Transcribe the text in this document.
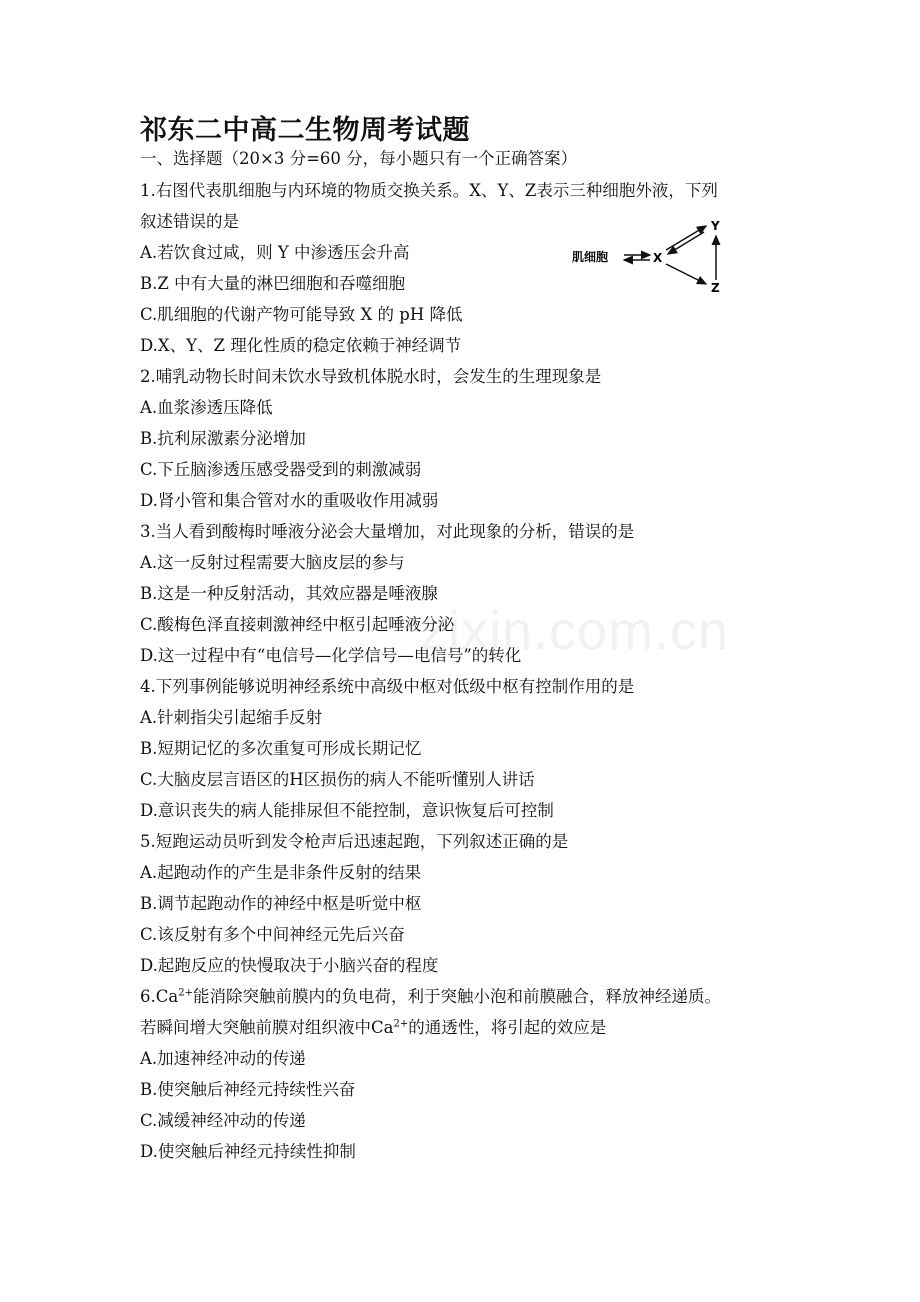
zixin.com.cn
祁东二中高二生物周考试题
一、选择题（20×3 分=60 分，每小题只有一个正确答案）
1.右图代表肌细胞与内环境的物质交换关系。X、Y、Z表示三种细胞外液，下列
叙述错误的是
A.若饮食过咸，则 Y 中渗透压会升高
B.Z 中有大量的淋巴细胞和吞噬细胞
C.肌细胞的代谢产物可能导致 X 的 pH 降低
D.X、Y、Z 理化性质的稳定依赖于神经调节
肌细胞	X
Y
Z
2.哺乳动物长时间未饮水导致机体脱水时，会发生的生理现象是
A.血浆渗透压降低
B.抗利尿激素分泌增加
C.下丘脑渗透压感受器受到的刺激减弱
D.肾小管和集合管对水的重吸收作用减弱
3.当人看到酸梅时唾液分泌会大量增加，对此现象的分析，错误的是
A.这一反射过程需要大脑皮层的参与
B.这是一种反射活动，其效应器是唾液腺
C.酸梅色泽直接刺激神经中枢引起唾液分泌
D.这一过程中有“电信号—化学信号—电信号”的转化
4.下列事例能够说明神经系统中高级中枢对低级中枢有控制作用的是
A.针刺指尖引起缩手反射
B.短期记忆的多次重复可形成长期记忆
C.大脑皮层言语区的H区损伤的病人不能听懂别人讲话
D.意识丧失的病人能排尿但不能控制，意识恢复后可控制
5.短跑运动员听到发令枪声后迅速起跑，下列叙述正确的是
A.起跑动作的产生是非条件反射的结果
B.调节起跑动作的神经中枢是听觉中枢
C.该反射有多个中间神经元先后兴奋
D.起跑反应的快慢取决于小脑兴奋的程度
$6.Ca^{2+}$能消除突触前膜内的负电荷，利于突触小泡和前膜融合，释放神经递质。
若瞬间增大突触前膜对组织液中$Ca^{2+}$的通透性，将引起的效应是
A.加速神经冲动的传递
B.使突触后神经元持续性兴奋
C.减缓神经冲动的传递
D.使突触后神经元持续性抑制
